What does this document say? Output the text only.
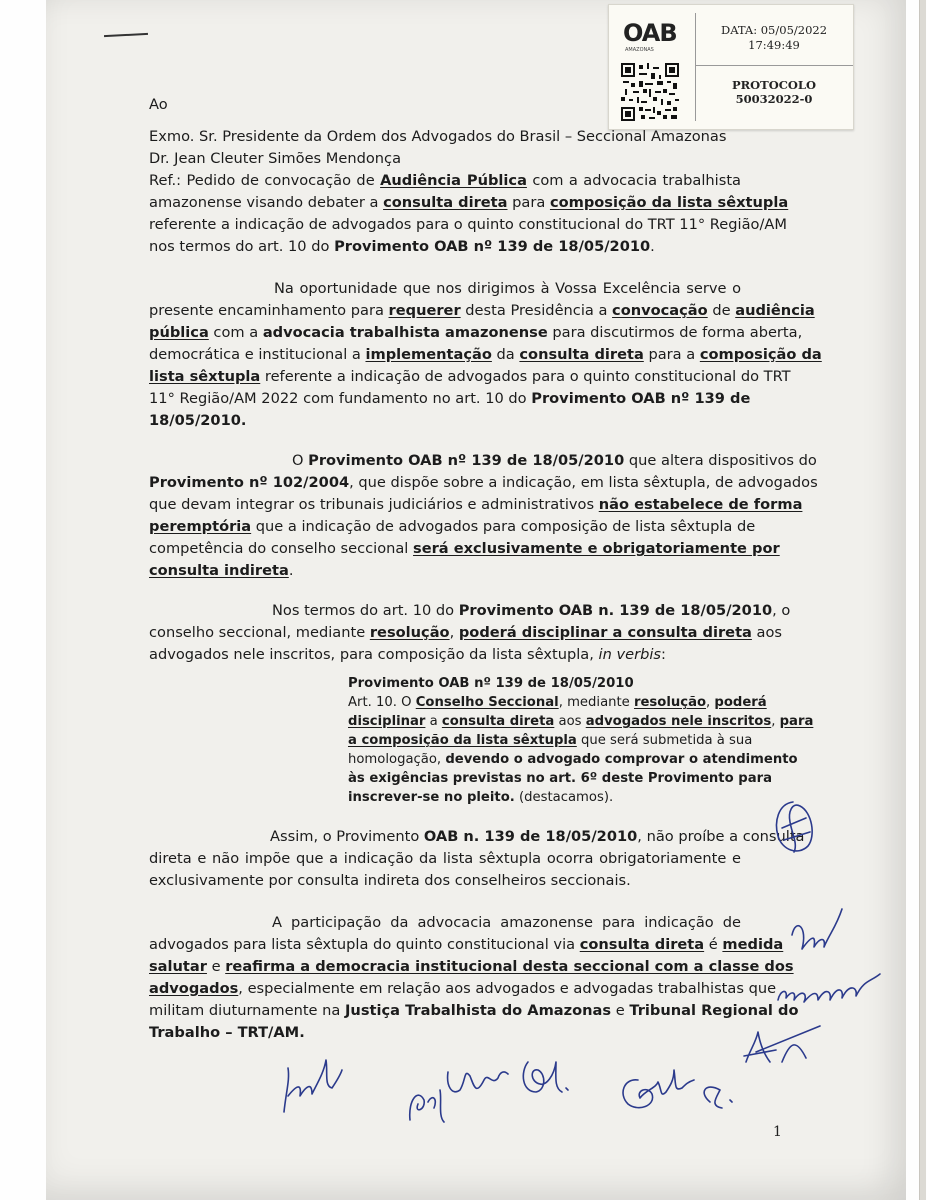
OAB
AMAZONAS
DATA: 05/05/2022
17:49:49
PROTOCOLO
50032022-0
Ao
Exmo. Sr. Presidente da Ordem dos Advogados do Brasil – Seccional Amazonas
Dr. Jean Cleuter Simões Mendonça
Ref.: Pedido de convocação de Audiência Pública com a advocacia trabalhista
amazonense visando debater a consulta direta para composição da lista sêxtupla
referente a indicação de advogados para o quinto constitucional do TRT 11° Região/AM
nos termos do art. 10 do Provimento OAB nº 139 de 18/05/2010.
Na oportunidade que nos dirigimos à Vossa Excelência serve o
presente encaminhamento para requerer desta Presidência a convocação de audiência
pública com a advocacia trabalhista amazonense para discutirmos de forma aberta,
democrática e institucional a implementação da consulta direta para a composição da
lista sêxtupla referente a indicação de advogados para o quinto constitucional do TRT
11° Região/AM 2022 com fundamento no art. 10 do Provimento OAB nº 139 de
18/05/2010.
O Provimento OAB nº 139 de 18/05/2010 que altera dispositivos do
Provimento nº 102/2004, que dispõe sobre a indicação, em lista sêxtupla, de advogados
que devam integrar os tribunais judiciários e administrativos não estabelece de forma
peremptória que a indicação de advogados para composição de lista sêxtupla de
competência do conselho seccional será exclusivamente e obrigatoriamente por
consulta indireta.
Nos termos do art. 10 do Provimento OAB n. 139 de 18/05/2010, o
conselho seccional, mediante resolução, poderá disciplinar a consulta direta aos
advogados nele inscritos, para composição da lista sêxtupla, in verbis:
Provimento OAB nº 139 de 18/05/2010
Art. 10. O Conselho Seccional, mediante resolução, poderá
disciplinar a consulta direta aos advogados nele inscritos, para
a composição da lista sêxtupla que será submetida à sua
homologação, devendo o advogado comprovar o atendimento
às exigências previstas no art. 6º deste Provimento para
inscrever-se no pleito. (destacamos).
Assim, o Provimento OAB n. 139 de 18/05/2010, não proíbe a consulta
direta e não impõe que a indicação da lista sêxtupla ocorra obrigatoriamente e
exclusivamente por consulta indireta dos conselheiros seccionais.
A participação da advocacia amazonense para indicação de
advogados para lista sêxtupla do quinto constitucional via consulta direta é medida
salutar e reafirma a democracia institucional desta seccional com a classe dos
advogados, especialmente em relação aos advogados e advogadas trabalhistas que
militam diuturnamente na Justiça Trabalhista do Amazonas e Tribunal Regional do
Trabalho – TRT/AM.
1
